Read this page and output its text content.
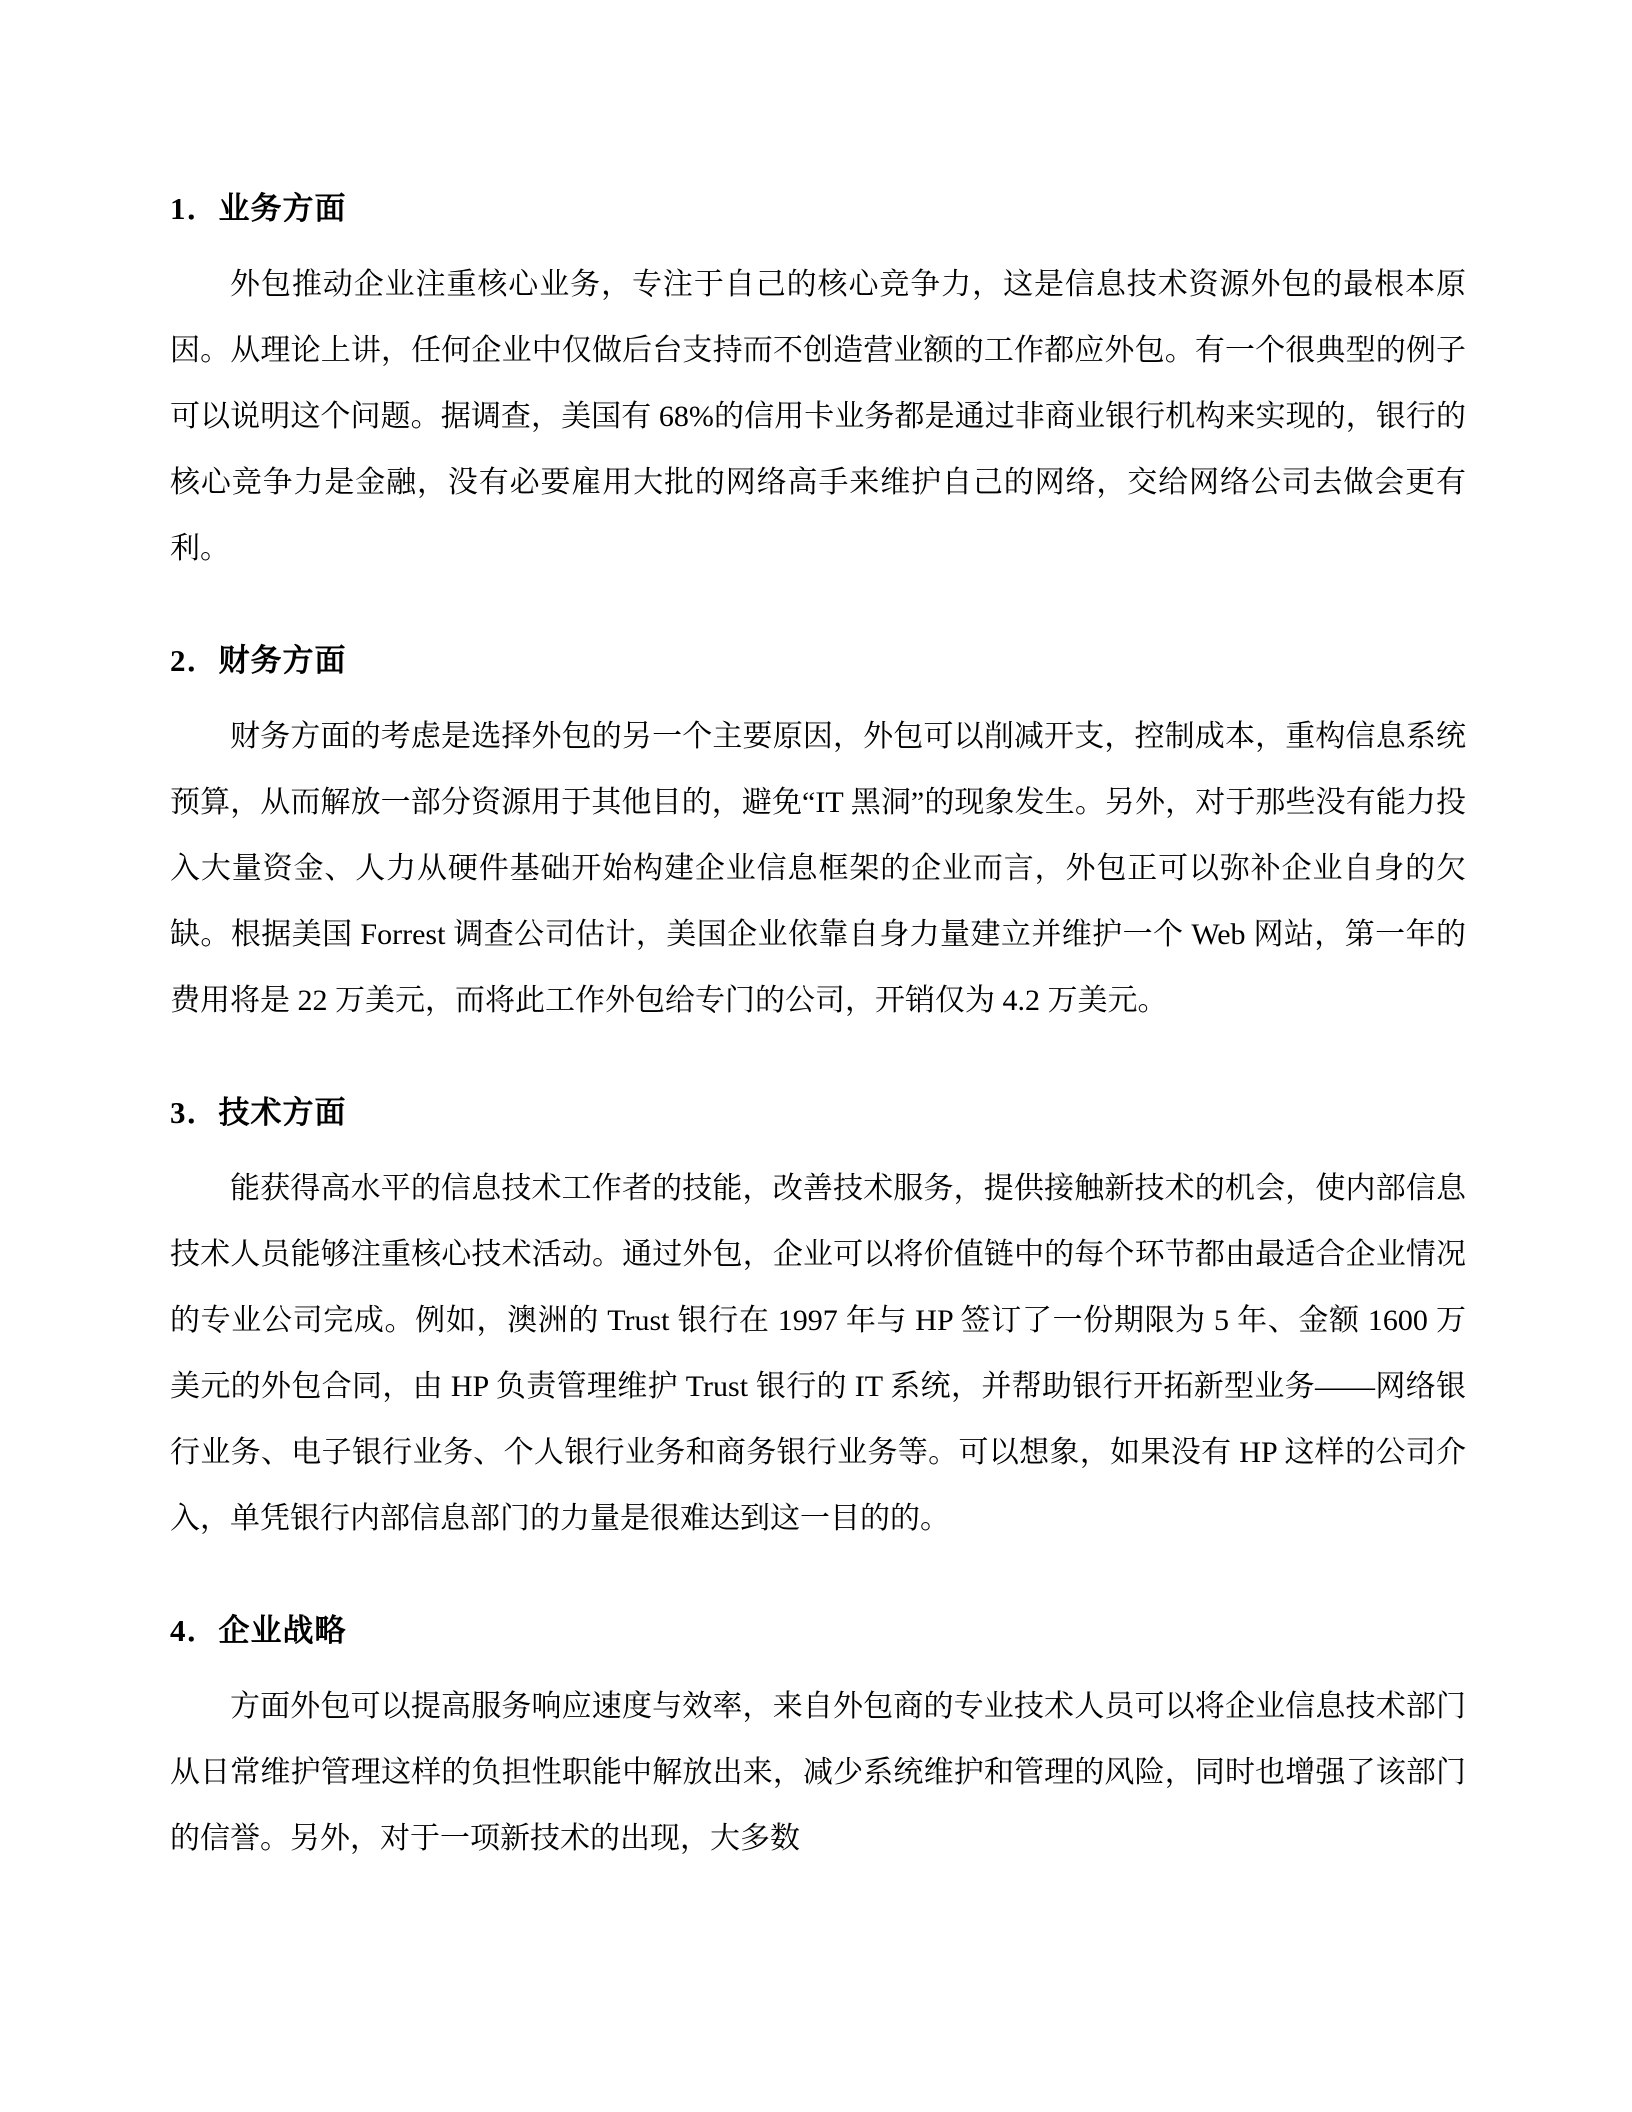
1．业务方面

外包推动企业注重核心业务，专注于自己的核心竞争力，这是信息技术资源外包的最根本原因。从理论上讲，任何企业中仅做后台支持而不创造营业额的工作都应外包。有一个很典型的例子可以说明这个问题。据调查，美国有 68%的信用卡业务都是通过非商业银行机构来实现的，银行的核心竞争力是金融，没有必要雇用大批的网络高手来维护自己的网络，交给网络公司去做会更有利。

2．财务方面

财务方面的考虑是选择外包的另一个主要原因，外包可以削减开支，控制成本，重构信息系统预算，从而解放一部分资源用于其他目的，避免“IT 黑洞”的现象发生。另外，对于那些没有能力投入大量资金、人力从硬件基础开始构建企业信息框架的企业而言，外包正可以弥补企业自身的欠缺。根据美国 Forrest 调查公司估计，美国企业依靠自身力量建立并维护一个 Web 网站，第一年的费用将是 22 万美元，而将此工作外包给专门的公司，开销仅为 4.2 万美元。

3．技术方面

能获得高水平的信息技术工作者的技能，改善技术服务，提供接触新技术的机会，使内部信息技术人员能够注重核心技术活动。通过外包，企业可以将价值链中的每个环节都由最适合企业情况的专业公司完成。例如，澳洲的 Trust 银行在 1997 年与 HP 签订了一份期限为 5 年、金额 1600 万美元的外包合同，由 HP 负责管理维护 Trust 银行的 IT 系统，并帮助银行开拓新型业务——网络银行业务、电子银行业务、个人银行业务和商务银行业务等。可以想象，如果没有 HP 这样的公司介入，单凭银行内部信息部门的力量是很难达到这一目的的。

4．企业战略

方面外包可以提高服务响应速度与效率，来自外包商的专业技术人员可以将企业信息技术部门从日常维护管理这样的负担性职能中解放出来，减少系统维护和管理的风险，同时也增强了该部门的信誉。另外，对于一项新技术的出现，大多数
